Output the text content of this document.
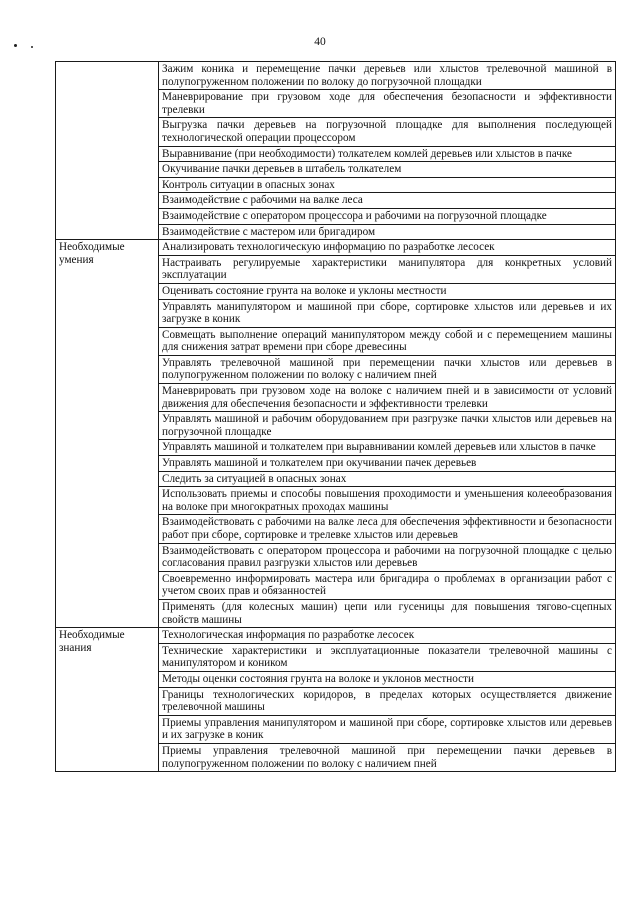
40
	Зажим коника и перемещение пачки деревьев или хлыстов трелевочной машиной в полупогруженном положении по волоку до погрузочной площадки
	Маневрирование при грузовом ходе для обеспечения безопасности и эффективности трелевки
	Выгрузка пачки деревьев на погрузочной площадке для выполнения последующей технологической операции процессором
	Выравнивание (при необходимости) толкателем комлей деревьев или хлыстов в пачке
	Окучивание пачки деревьев в штабель толкателем
	Контроль ситуации в опасных зонах
	Взаимодействие с рабочими на валке леса
	Взаимодействие с оператором процессора и рабочими на погрузочной площадке
	Взаимодействие с мастером или бригадиром
Необходимые умения	Анализировать технологическую информацию по разработке лесосек
	Настраивать регулируемые характеристики манипулятора для конкретных условий эксплуатации
	Оценивать состояние грунта на волоке и уклоны местности
	Управлять манипулятором и машиной при сборе, сортировке хлыстов или деревьев и их загрузке в коник
	Совмещать выполнение операций манипулятором между собой и с перемещением машины для снижения затрат времени при сборе древесины
	Управлять трелевочной машиной при перемещении пачки хлыстов или деревьев в полупогруженном положении по волоку с наличием пней
	Маневрировать при грузовом ходе на волоке с наличием пней и в зависимости от условий движения для обеспечения безопасности и эффективности трелевки
	Управлять машиной и рабочим оборудованием при разгрузке пачки хлыстов или деревьев на погрузочной площадке
	Управлять машиной и толкателем при выравнивании комлей деревьев или хлыстов в пачке
	Управлять машиной и толкателем при окучивании пачек деревьев
	Следить за ситуацией в опасных зонах
	Использовать приемы и способы повышения проходимости и уменьшения колееобразования на волоке при многократных проходах машины
	Взаимодействовать с рабочими на валке леса для обеспечения эффективности и безопасности работ при сборе, сортировке и трелевке хлыстов или деревьев
	Взаимодействовать с оператором процессора и рабочими на погрузочной площадке с целью согласования правил разгрузки хлыстов или деревьев
	Своевременно информировать мастера или бригадира о проблемах в организации работ с учетом своих прав и обязанностей
	Применять (для колесных машин) цепи или гусеницы для повышения тягово-сцепных свойств машины
Необходимые знания	Технологическая информация по разработке лесосек
	Технические характеристики и эксплуатационные показатели трелевочной машины с манипулятором и коником
	Методы оценки состояния грунта на волоке и уклонов местности
	Границы технологических коридоров, в пределах которых осуществляется движение трелевочной машины
	Приемы управления манипулятором и машиной при сборе, сортировке хлыстов или деревьев и их загрузке в коник
	Приемы управления трелевочной машиной при перемещении пачки деревьев в полупогруженном положении по волоку с наличием пней
